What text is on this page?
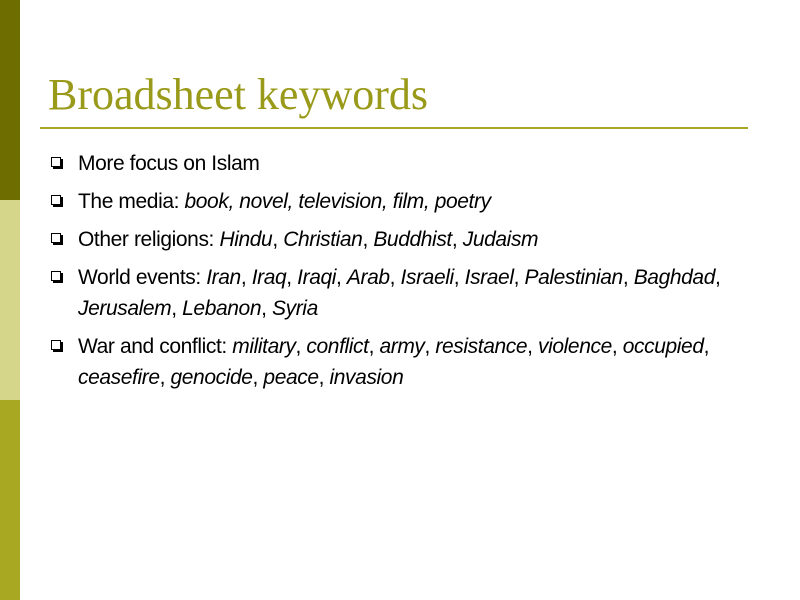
Broadsheet keywords
More focus on Islam
The media: book, novel, television, film, poetry
Other religions: Hindu, Christian, Buddhist, Judaism
World events: Iran, Iraq, Iraqi, Arab, Israeli, Israel, Palestinian, Baghdad, Jerusalem, Lebanon, Syria
War and conflict: military, conflict, army, resistance, violence, occupied, ceasefire, genocide, peace, invasion
